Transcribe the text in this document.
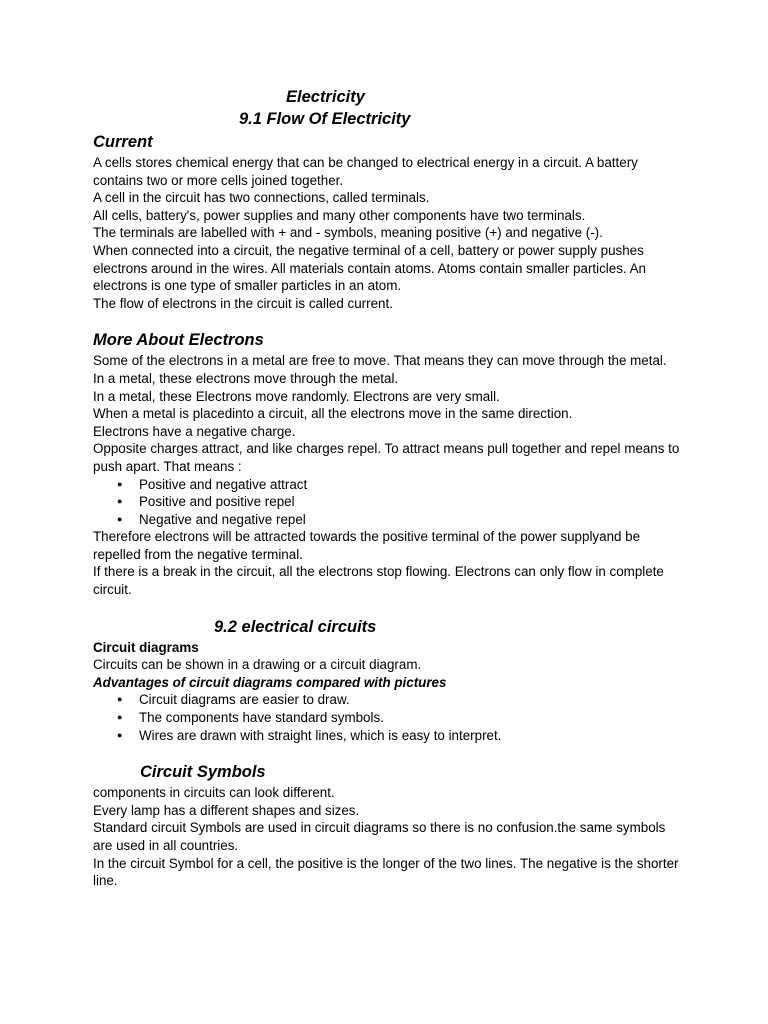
Electricity
9.1 Flow Of Electricity
Current

A cells stores chemical energy that can be changed to electrical energy in a circuit. A battery contains two or more cells joined together.

A cell in the circuit has two connections, called terminals.

All cells, battery's, power supplies and many other components have two terminals.

The terminals are labelled with + and - symbols, meaning positive (+) and negative (-).

When connected into a circuit, the negative terminal of a cell, battery or power supply pushes electrons around in the wires. All materials contain atoms. Atoms contain smaller particles. An electrons is one type of smaller particles in an atom.

The flow of electrons in the circuit is called current.

More About Electrons

Some of the electrons in a metal are free to move. That means they can move through the metal.

In a metal, these electrons move through the metal.

In a metal, these Electrons move randomly. Electrons are very small.

When a metal is placedinto a circuit, all the electrons move in the same direction.

Electrons have a negative charge.

Opposite charges attract, and like charges repel. To attract means pull together and repel means to push apart. That means :

● Positive and negative attract
● Positive and positive repel
● Negative and negative repel

Therefore electrons will be attracted towards the positive terminal of the power supplyand be repelled from the negative terminal.

If there is a break in the circuit, all the electrons stop flowing. Electrons can only flow in complete circuit.

9.2 electrical circuits
Circuit diagrams

Circuits can be shown in a drawing or a circuit diagram.

Advantages of circuit diagrams compared with pictures
● Circuit diagrams are easier to draw.
● The components have standard symbols.
● Wires are drawn with straight lines, which is easy to interpret.
Circuit Symbols

components in circuits can look different.

Every lamp has a different shapes and sizes.

Standard circuit Symbols are used in circuit diagrams so there is no confusion.the same symbols are used in all countries.

In the circuit Symbol for a cell, the positive is the longer of the two lines. The negative is the shorter line.
